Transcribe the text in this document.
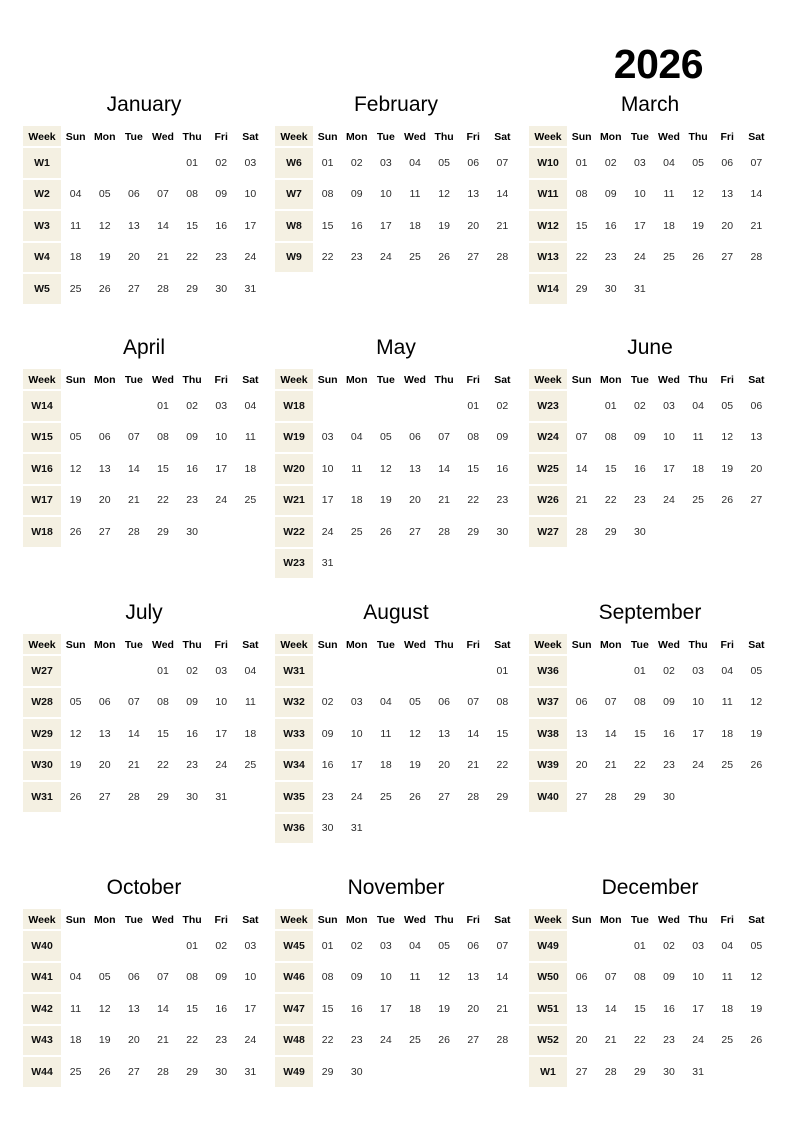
2026
January
Week	Sun	Mon	Tue	Wed	Thu	Fri	Sat
W1					01	02	03
W2	04	05	06	07	08	09	10
W3	11	12	13	14	15	16	17
W4	18	19	20	21	22	23	24
W5	25	26	27	28	29	30	31
February
Week	Sun	Mon	Tue	Wed	Thu	Fri	Sat
W6	01	02	03	04	05	06	07
W7	08	09	10	11	12	13	14
W8	15	16	17	18	19	20	21
W9	22	23	24	25	26	27	28
March
Week	Sun	Mon	Tue	Wed	Thu	Fri	Sat
W10	01	02	03	04	05	06	07
W11	08	09	10	11	12	13	14
W12	15	16	17	18	19	20	21
W13	22	23	24	25	26	27	28
W14	29	30	31				
April
Week	Sun	Mon	Tue	Wed	Thu	Fri	Sat
W14				01	02	03	04
W15	05	06	07	08	09	10	11
W16	12	13	14	15	16	17	18
W17	19	20	21	22	23	24	25
W18	26	27	28	29	30		
May
Week	Sun	Mon	Tue	Wed	Thu	Fri	Sat
W18						01	02
W19	03	04	05	06	07	08	09
W20	10	11	12	13	14	15	16
W21	17	18	19	20	21	22	23
W22	24	25	26	27	28	29	30
W23	31						
June
Week	Sun	Mon	Tue	Wed	Thu	Fri	Sat
W23		01	02	03	04	05	06
W24	07	08	09	10	11	12	13
W25	14	15	16	17	18	19	20
W26	21	22	23	24	25	26	27
W27	28	29	30				
July
Week	Sun	Mon	Tue	Wed	Thu	Fri	Sat
W27				01	02	03	04
W28	05	06	07	08	09	10	11
W29	12	13	14	15	16	17	18
W30	19	20	21	22	23	24	25
W31	26	27	28	29	30	31	
August
Week	Sun	Mon	Tue	Wed	Thu	Fri	Sat
W31							01
W32	02	03	04	05	06	07	08
W33	09	10	11	12	13	14	15
W34	16	17	18	19	20	21	22
W35	23	24	25	26	27	28	29
W36	30	31					
September
Week	Sun	Mon	Tue	Wed	Thu	Fri	Sat
W36			01	02	03	04	05
W37	06	07	08	09	10	11	12
W38	13	14	15	16	17	18	19
W39	20	21	22	23	24	25	26
W40	27	28	29	30			
October
Week	Sun	Mon	Tue	Wed	Thu	Fri	Sat
W40					01	02	03
W41	04	05	06	07	08	09	10
W42	11	12	13	14	15	16	17
W43	18	19	20	21	22	23	24
W44	25	26	27	28	29	30	31
November
Week	Sun	Mon	Tue	Wed	Thu	Fri	Sat
W45	01	02	03	04	05	06	07
W46	08	09	10	11	12	13	14
W47	15	16	17	18	19	20	21
W48	22	23	24	25	26	27	28
W49	29	30					
December
Week	Sun	Mon	Tue	Wed	Thu	Fri	Sat
W49			01	02	03	04	05
W50	06	07	08	09	10	11	12
W51	13	14	15	16	17	18	19
W52	20	21	22	23	24	25	26
W1	27	28	29	30	31		
